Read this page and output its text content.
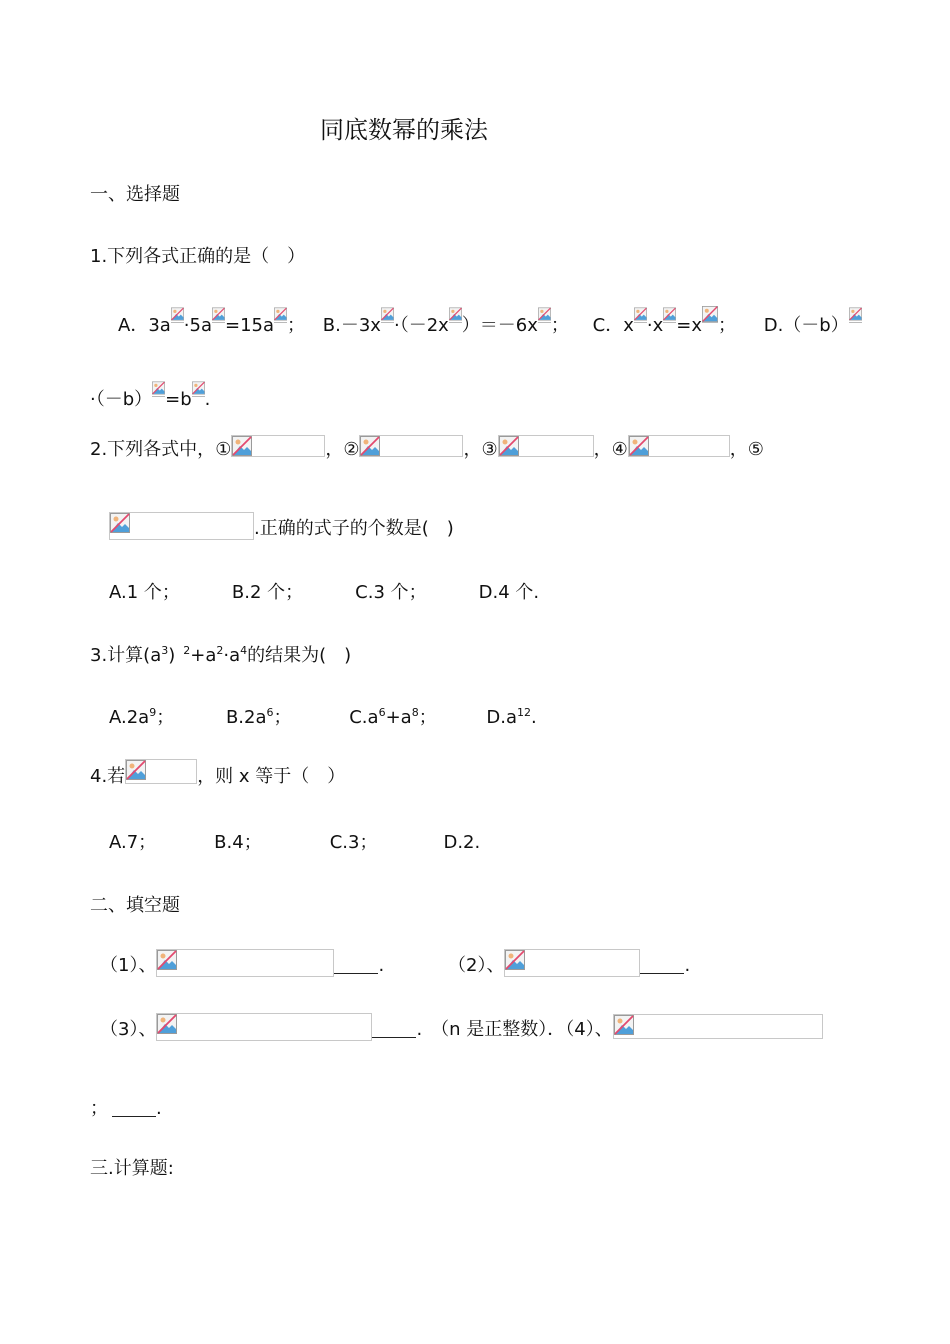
同底数幂的乘法
一、选择题
1.下列各式正确的是（　）
A．3a ·5a =15a ； B.－3x ·（－2x ）＝－6x ； C．x ·x =x ； D.（－b）
·（－b） =b .
2.下列各式中，①	，②	，③	，④	，⑤
.正确的式子的个数是(　)
A.1 个；	B.2 个；	C.3 个；	D.4 个.
3.计算$(a^3)$ $^2+a^2\cdot a^4$的结果为(　)
$A.2a^9$；	$B.2a^6$；	$C.a^6+a^8$；	$D.a^{12}$.
4.若	，则 x 等于（　）
A.7；	B.4；	C.3；	D.2.
二、填空题
（1）、	.	（2）、	.
（3）、	.　（n 是正整数）．（4）、
；	.
三.计算题:
